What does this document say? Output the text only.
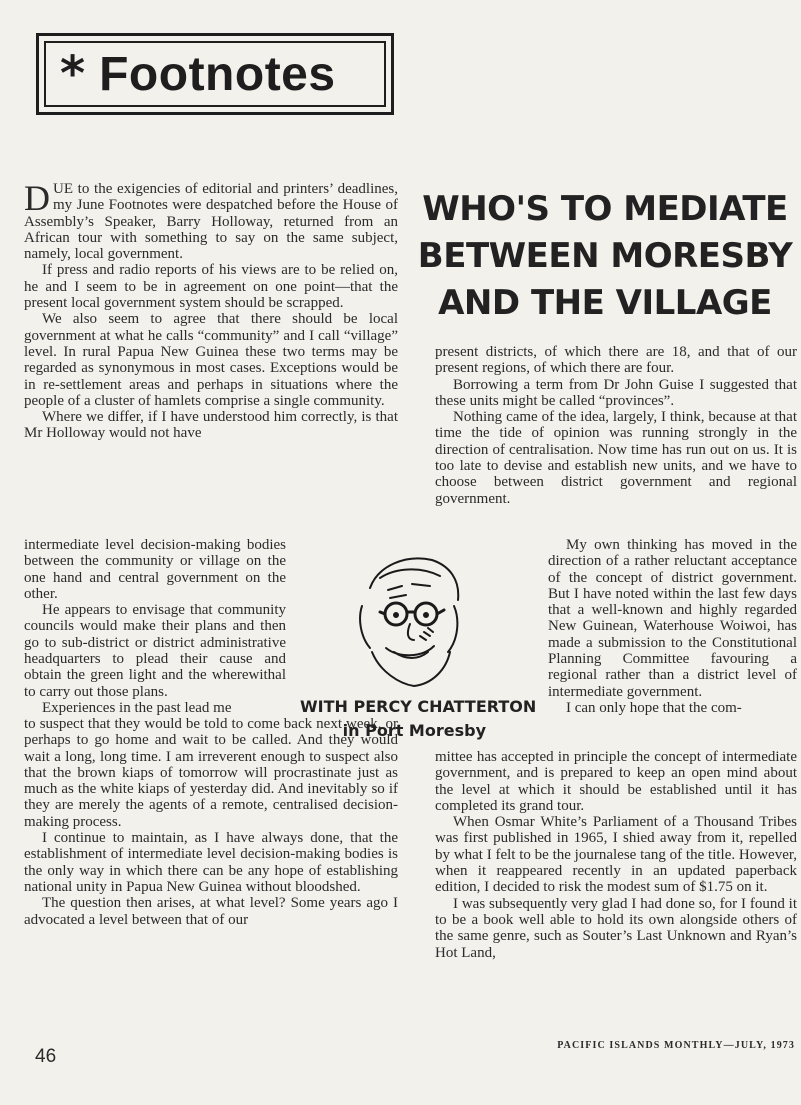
* Footnotes

DUE to the exigencies of editorial and printers’ deadlines, my June Footnotes were despatched before the House of Assembly’s Speaker, Barry Holloway, returned from an African tour with something to say on the same subject, namely, local government.

If press and radio reports of his views are to be relied on, he and I seem to be in agreement on one point—that the present local government system should be scrapped.

We also seem to agree that there should be local government at what he calls “community” and I call “village” level. In rural Papua New Guinea these two terms may be regarded as synonymous in most cases. Exceptions would be in re-settlement areas and perhaps in situations where the people of a cluster of hamlets comprise a single community.

Where we differ, if I have understood him correctly, is that Mr Holloway would not have

intermediate level decision-making bodies between the community or village on the one hand and central government on the other.

He appears to envisage that community councils would make their plans and then go to sub-district or district administrative headquarters to plead their cause and obtain the green light and the wherewithal to carry out those plans.

Experiences in the past lead me

to suspect that they would be told to come back next week, or perhaps to go home and wait to be called. And they would wait a long, long time. I am irreverent enough to suspect also that the brown kiaps of tomorrow will procrastinate just as much as the white kiaps of yesterday did. And inevitably so if they are merely the agents of a remote, centralised decision-making process.

I continue to maintain, as I have always done, that the establishment of intermediate level decision-making bodies is the only way in which there can be any hope of establishing national unity in Papua New Guinea without bloodshed.

The question then arises, at what level? Some years ago I advocated a level between that of our

WHO'S TO MEDIATE
BETWEEN MORESBY
AND THE VILLAGE

present districts, of which there are 18, and that of our present regions, of which there are four.

Borrowing a term from Dr John Guise I suggested that these units might be called “provinces”.

Nothing came of the idea, largely, I think, because at that time the tide of opinion was running strongly in the direction of centralisation. Now time has run out on us. It is too late to devise and establish new units, and we have to choose between district government and regional government.

WITH PERCY CHATTERTON
in Port Moresby

My own thinking has moved in the direction of a rather reluctant acceptance of the concept of district government. But I have noted within the last few days that a well-known and highly regarded New Guinean, Waterhouse Woiwoi, has made a submission to the Constitutional Planning Committee favouring a regional rather than a district level of intermediate government.

I can only hope that the com-

mittee has accepted in principle the concept of intermediate government, and is prepared to keep an open mind about the level at which it should be established until it has completed its grand tour.

When Osmar White’s Parliament of a Thousand Tribes was first published in 1965, I shied away from it, repelled by what I felt to be the journalese tang of the title. However, when it reappeared recently in an updated paperback edition, I decided to risk the modest sum of $1.75 on it.

I was subsequently very glad I had done so, for I found it to be a book well able to hold its own alongside others of the same genre, such as Souter’s Last Unknown and Ryan’s Hot Land,

46
PACIFIC ISLANDS MONTHLY—JULY, 1973
